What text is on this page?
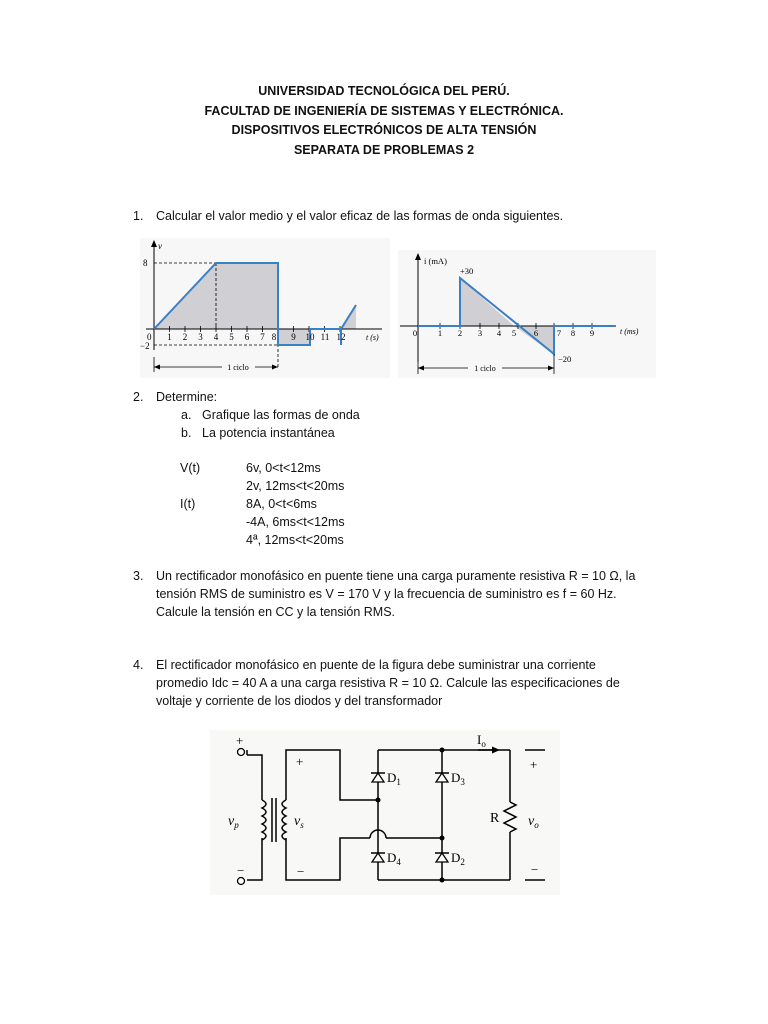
UNIVERSIDAD TECNOLÓGICA DEL PERÚ.
FACULTAD DE INGENIERÍA DE SISTEMAS Y ELECTRÓNICA.
DISPOSITIVOS ELECTRÓNICOS DE ALTA TENSIÓN
SEPARATA DE PROBLEMAS 2
1. Calcular el valor medio y el valor eficaz de las formas de onda siguientes.
v
8
0
−2
1 2 3 4 5 6 7 8 9 10 11 12	t (s)
1 ciclo
i (mA)
+30
−20
0 1 2 3 4 5 6 7 8 9	t (ms)
1 ciclo
2. Determine:
a. Grafique las formas de onda
b. La potencia instantánea
V(t)	6v, 0<t<12ms
2v, 12ms<t<20ms
I(t)	8A, 0<t<6ms
-4A, 6ms<t<12ms
4ª, 12ms<t<20ms
3. Un rectificador monofásico en puente tiene una carga puramente resistiva R = 10 Ω, la
tensión RMS de suministro es V = 170 V y la frecuencia de suministro es f = 60 Hz.
Calcule la tensión en CC y la tensión RMS.
4. El rectificador monofásico en puente de la figura debe suministrar una corriente
promedio Idc = 40 A a una carga resistiva R = 10 Ω. Calcule las especificaciones de
voltaje y corriente de los diodos y del transformador
$I_o$
+
−
$v_p$
+
−
$v_s$
$D_1$	$D_3$
$D_4$	$D_2$
R
+
−
$v_o$
